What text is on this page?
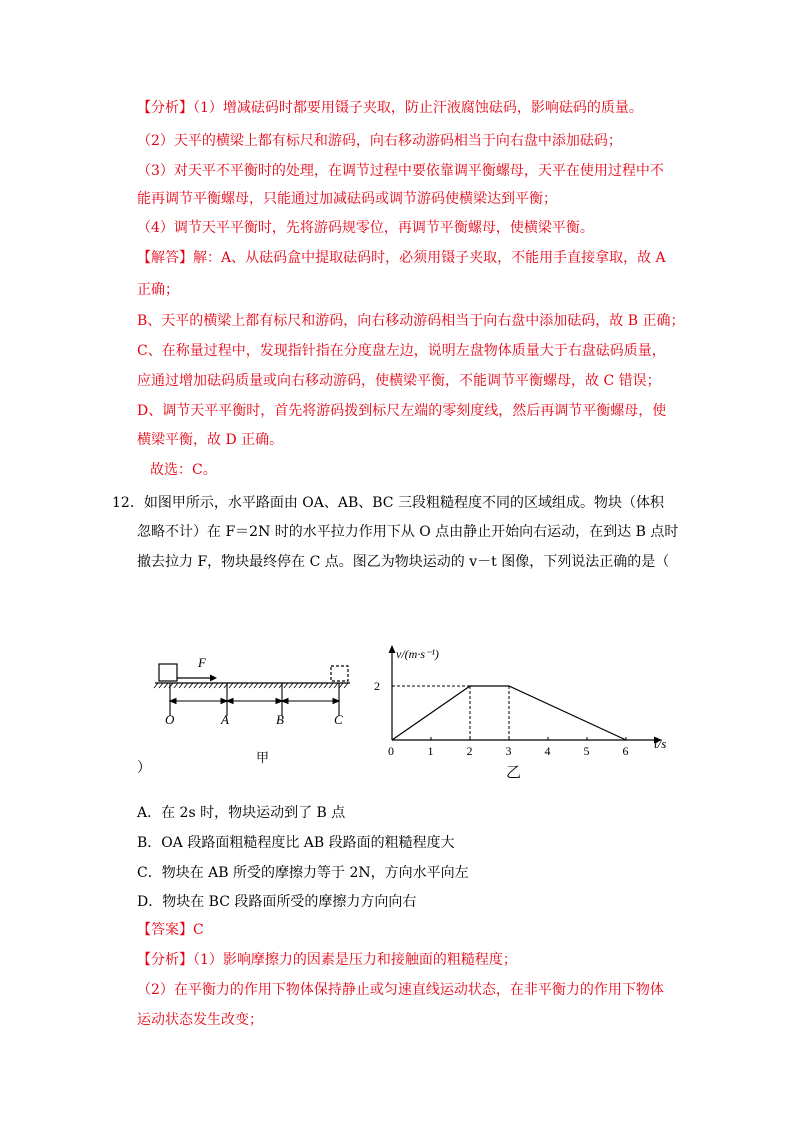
【分析】（1）增减砝码时都要用镊子夹取，防止汗液腐蚀砝码，影响砝码的质量。
（2）天平的横梁上都有标尺和游码，向右移动游码相当于向右盘中添加砝码；
（3）对天平不平衡时的处理，在调节过程中要依靠调平衡螺母，天平在使用过程中不
能再调节平衡螺母，只能通过加减砝码或调节游码使横梁达到平衡；
（4）调节天平平衡时，先将游码规零位，再调节平衡螺母，使横梁平衡。
【解答】解：A、从砝码盒中提取砝码时，必须用镊子夹取，不能用手直接拿取，故 A
正确；
B、天平的横梁上都有标尺和游码，向右移动游码相当于向右盘中添加砝码，故 B 正确；
C、在称量过程中，发现指针指在分度盘左边，说明左盘物体质量大于右盘砝码质量，
应通过增加砝码质量或向右移动游码，使横梁平衡，不能调节平衡螺母，故 C 错误；
D、调节天平平衡时，首先将游码拨到标尺左端的零刻度线，然后再调节平衡螺母，使
横梁平衡，故 D 正确。
故选：C。
12．如图甲所示，水平路面由 OA、AB、BC 三段粗糙程度不同的区域组成。物块（体积
忽略不计）在 F＝2N 时的水平拉力作用下从 O 点由静止开始向右运动，在到达 B 点时
撤去拉力 F，物块最终停在 C 点。图乙为物块运动的 v－t 图像，下列说法正确的是（
F
O	A	B	C
甲
v/(m·s⁻¹)
t/s
0	1	2	3	4	5	6
2
乙
）
A．在 2s 时，物块运动到了 B 点
B．OA 段路面粗糙程度比 AB 段路面的粗糙程度大
C．物块在 AB 所受的摩擦力等于 2N，方向水平向左
D．物块在 BC 段路面所受的摩擦力方向向右
【答案】C
【分析】（1）影响摩擦力的因素是压力和接触面的粗糙程度；
（2）在平衡力的作用下物体保持静止或匀速直线运动状态，在非平衡力的作用下物体
运动状态发生改变；
